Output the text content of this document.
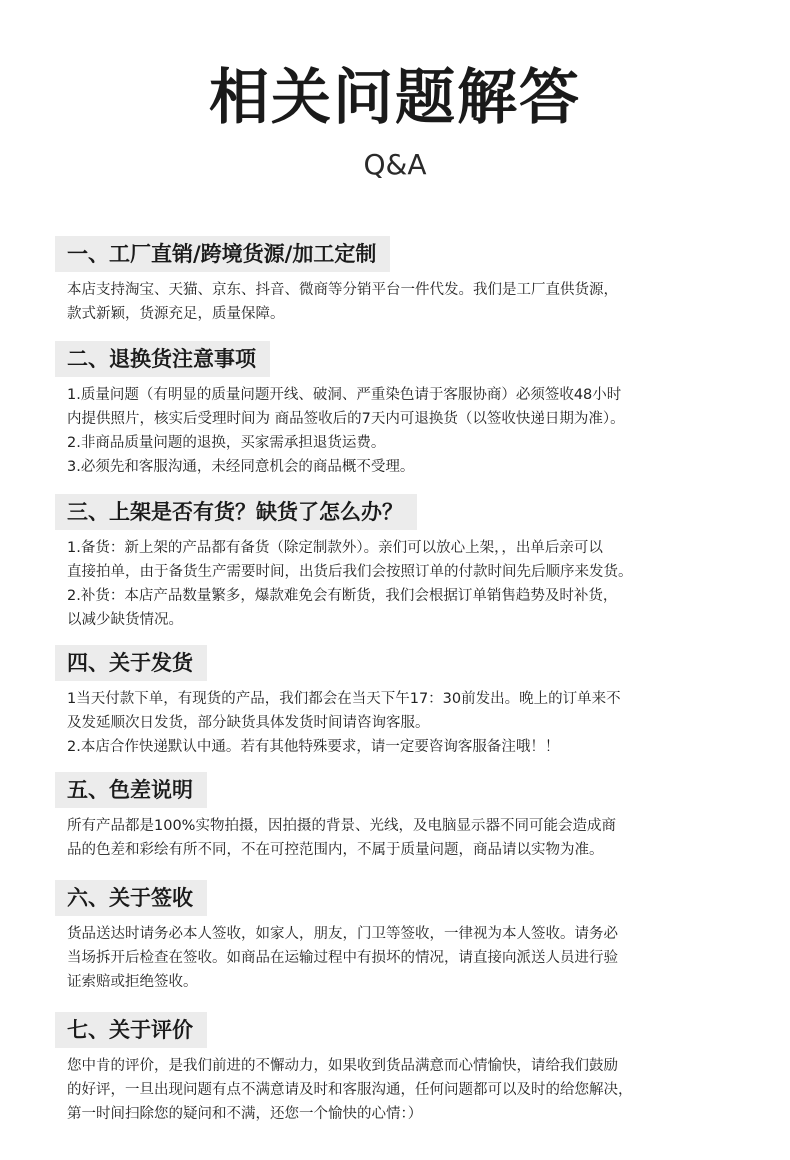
相关问题解答
Q&A
一、工厂直销/跨境货源/加工定制
本店支持淘宝、天猫、京东、抖音、微商等分销平台一件代发。我们是工厂直供货源，
款式新颖，货源充足，质量保障。
二、退换货注意事项
1.质量问题（有明显的质量问题开线、破洞、严重染色请于客服协商）必须签收48小时
内提供照片，核实后受理时间为 商品签收后的7天内可退换货（以签收快递日期为准）。
2.非商品质量问题的退换，买家需承担退货运费。
3.必须先和客服沟通，未经同意机会的商品概不受理。
三、上架是否有货？缺货了怎么办？
1.备货：新上架的产品都有备货（除定制款外）。亲们可以放心上架，，出单后亲可以
直接拍单，由于备货生产需要时间，出货后我们会按照订单的付款时间先后顺序来发货。
2.补货：本店产品数量繁多，爆款难免会有断货，我们会根据订单销售趋势及时补货，
以减少缺货情况。
四、关于发货
1当天付款下单，有现货的产品，我们都会在当天下午17：30前发出。晚上的订单来不
及发延顺次日发货，部分缺货具体发货时间请咨询客服。
2.本店合作快递默认中通。若有其他特殊要求，请一定要咨询客服备注哦！！
五、色差说明
所有产品都是100%实物拍摄，因拍摄的背景、光线，及电脑显示器不同可能会造成商
品的色差和彩绘有所不同，不在可控范围内，不属于质量问题，商品请以实物为准。
六、关于签收
货品送达时请务必本人签收，如家人，朋友，门卫等签收，一律视为本人签收。请务必
当场拆开后检查在签收。如商品在运输过程中有损坏的情况，请直接向派送人员进行验
证索赔或拒绝签收。
七、关于评价
您中肯的评价，是我们前进的不懈动力，如果收到货品满意而心情愉快，请给我们鼓励
的好评，一旦出现问题有点不满意请及时和客服沟通，任何问题都可以及时的给您解决，
第一时间扫除您的疑问和不满，还您一个愉快的心情：）
